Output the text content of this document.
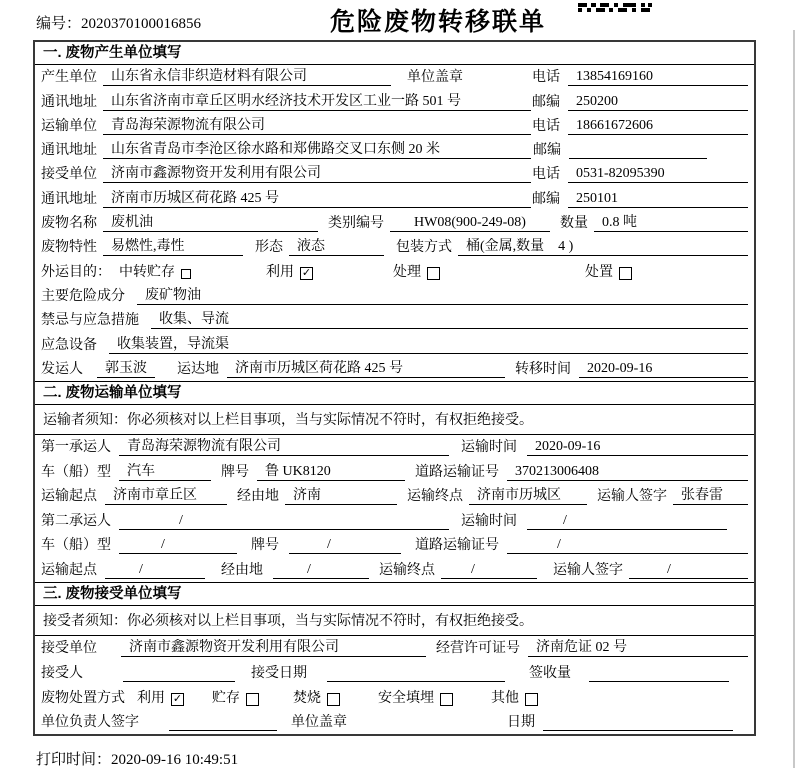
编号：2020370100016856	危险废物转移联单
一. 废物产生单位填写
产生单位	山东省永信非织造材料有限公司	单位盖章	电话	13854169160
通讯地址	山东省济南市章丘区明水经济技术开发区工业一路 501 号	邮编	250200
运输单位	青岛海荣源物流有限公司	电话	18661672606
通讯地址	山东省青岛市李沧区徐水路和郑佛路交叉口东侧 20 米	邮编
接受单位	济南市鑫源物资开发利用有限公司	电话	0531-82095390
通讯地址	济南市历城区荷花路 425 号	邮编	250101
废物名称	废机油	类别编号	HW08(900-249-08)	数量	0.8 吨
废物特性	易燃性,毒性	形态	液态	包装方式	桶(金属,数量　4 )
外运目的： 中转贮存	利用 ✓	处理	处置
主要危险成分	废矿物油
禁忌与应急措施	收集、导流
应急设备	收集装置，导流渠
发运人	郭玉波	运达地	济南市历城区荷花路 425 号	转移时间	2020-09-16
二. 废物运输单位填写
运输者须知：你必须核对以上栏目事项，当与实际情况不符时，有权拒绝接受。
第一承运人	青岛海荣源物流有限公司	运输时间	2020-09-16
车（船）型	汽车	牌号	鲁 UK8120	道路运输证号	370213006408
运输起点	济南市章丘区	经由地	济南	运输终点	济南市历城区	运输人签字	张春雷
第二承运人	/	运输时间	/
车（船）型	/	牌号	/	道路运输证号	/
运输起点	/	经由地	/	运输终点	/	运输人签字	/
三. 废物接受单位填写
接受者须知：你必须核对以上栏目事项，当与实际情况不符时，有权拒绝接受。
接受单位	济南市鑫源物资开发利用有限公司	经营许可证号	济南危证 02 号
接受人	接受日期	签收量
废物处置方式 利用 ✓ 贮存	焚烧	安全填埋	其他
单位负责人签字	单位盖章	日期
打印时间：2020-09-16 10:49:51
